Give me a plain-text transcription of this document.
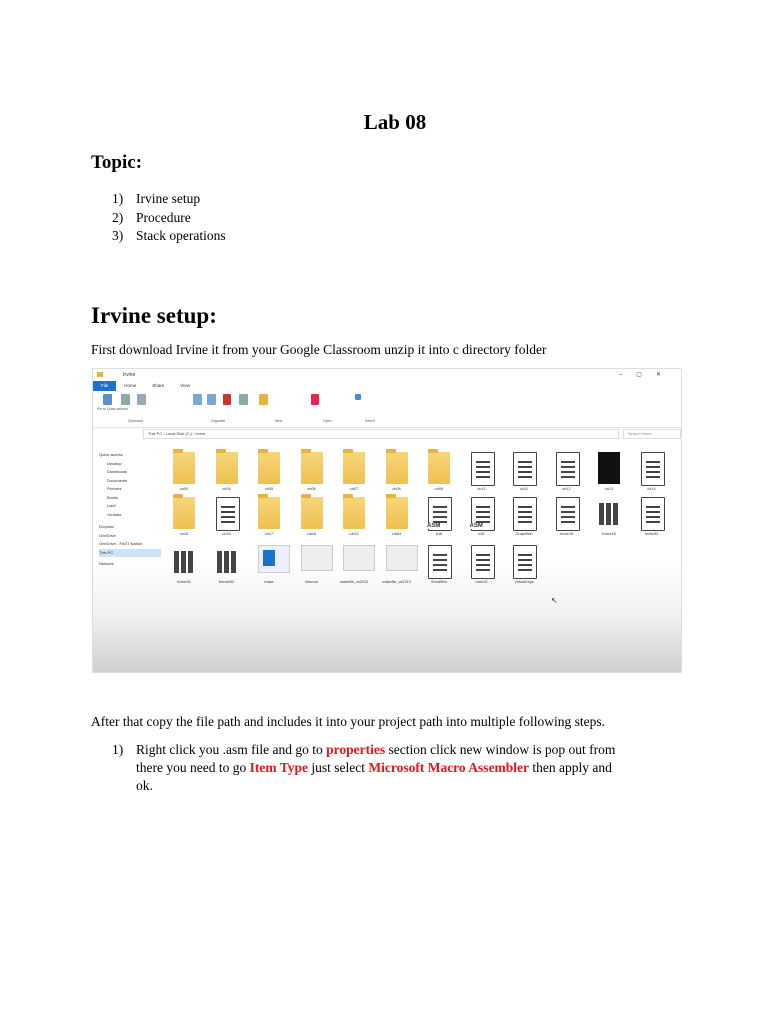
Lab 08
Topic:
1) Irvine setup
2) Procedure
3) Stack operations
Irvine setup:
First download Irvine it from your Google Classroom unzip it into c directory folder
Irvine	–▢✕
File	Home	Share	View
Pin to Quick access
Clipboard	Organize	New	Open	Select
This PC › Local Disk (C:) › Irvine	Search Irvine
Quick access
Desktop
Downloads
Documents
Pictures
Books
Lab2
Youtube
Dropbox
OneDrive
OneDrive - FAST Nation
This PC
Network
ch00	ch04	ch05	ch06	ch07	ch08	ch09	ch11	ch11	ch12	ch13	ch14
ch15	ch16	ch17	Lib16	Lib32	Lib64
ASM
b16
ASM
b32	GraphWin	Irvine16	Irvine16	Irvine32
Irvine32	Kernel32	make	Macros	makefile_vs2010	makefile_vs2013	SmallWin	User32	VirtualKeys
↖
After that copy the file path and includes it into your project path into multiple following steps.
1) Right click you .asm file and go to properties section click new window is pop out from there you need to go Item Type just select Microsoft Macro Assembler then apply and ok.
